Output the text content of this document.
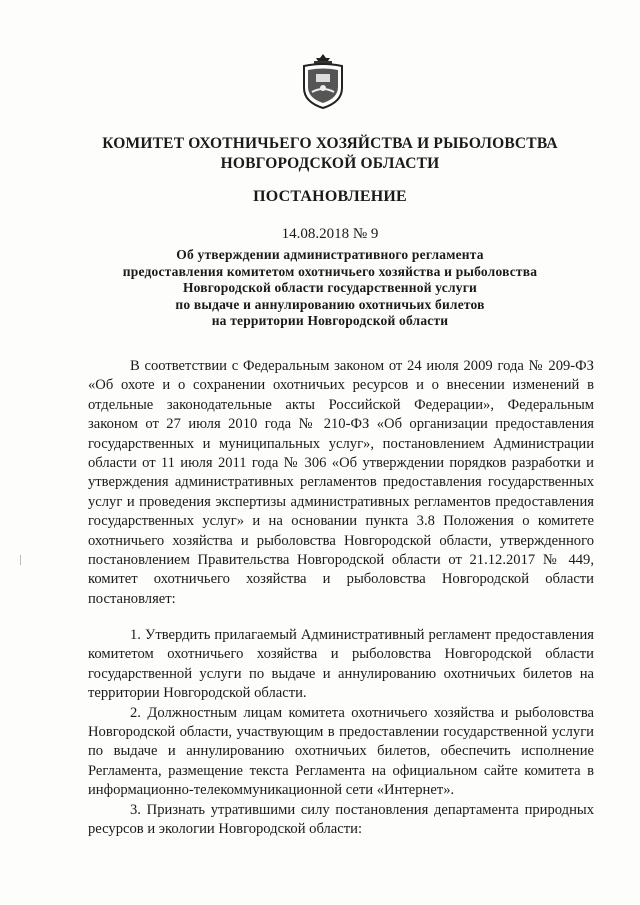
КОМИТЕТ ОХОТНИЧЬЕГО ХОЗЯЙСТВА И РЫБОЛОВСТВА
НОВГОРОДСКОЙ ОБЛАСТИ
ПОСТАНОВЛЕНИЕ
14.08.2018 № 9
Об утверждении административного регламента
предоставления комитетом охотничьего хозяйства и рыболовства
Новгородской области государственной услуги
по выдаче и аннулированию охотничьих билетов
на территории Новгородской области

В соответствии с Федеральным законом от 24 июля 2009 года № 209-ФЗ «Об охоте и о сохранении охотничьих ресурсов и о внесении изменений в отдельные законодательные акты Российской Федерации», Федеральным законом от 27 июля 2010 года № 210-ФЗ «Об организации предоставления государственных и муниципальных услуг», постановлением Администрации области от 11 июля 2011 года № 306 «Об утверждении порядков разработки и утверждения административных регламентов предоставления государственных услуг и проведения экспертизы административных регламентов предоставления государственных услуг» и на основании пункта 3.8 Положения о комитете охотничьего хозяйства и рыболовства Новгородской области, утвержденного постановлением Правительства Новгородской области от 21.12.2017 № 449, комитет охотничьего хозяйства и рыболовства Новгородской области постановляет:

1. Утвердить прилагаемый Административный регламент предоставления комитетом охотничьего хозяйства и рыболовства Новгородской области государственной услуги по выдаче и аннулированию охотничьих билетов на территории Новгородской области.

2. Должностным лицам комитета охотничьего хозяйства и рыболовства Новгородской области, участвующим в предоставлении государственной услуги по выдаче и аннулированию охотничьих билетов, обеспечить исполнение Регламента, размещение текста Регламента на официальном сайте комитета в информационно-телекоммуникационной сети «Интернет».

3. Признать утратившими силу постановления департамента природных ресурсов и экологии Новгородской области:
